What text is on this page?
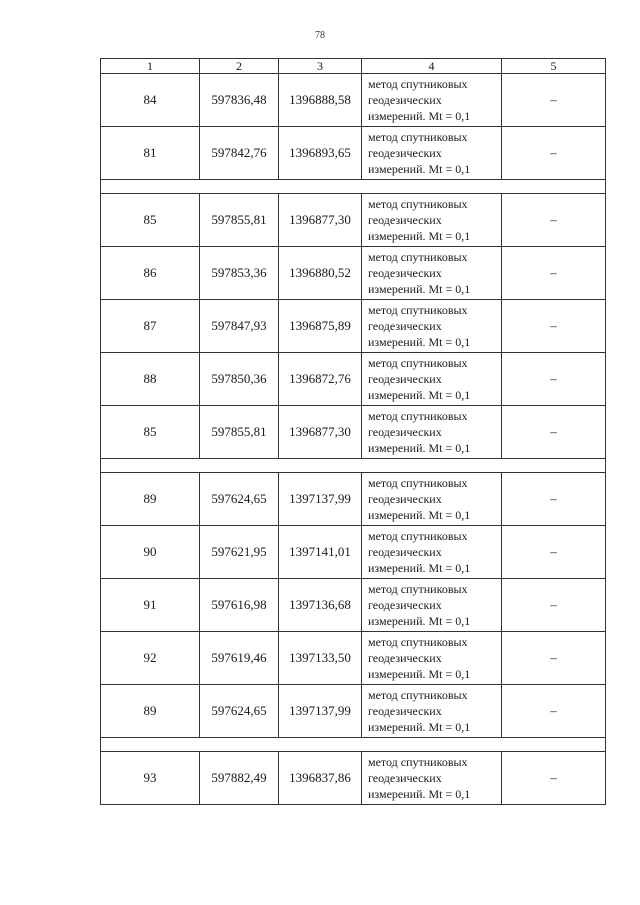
78
1	2	3	4	5
84	597836,48	1396888,58	метод спутниковых геодезических измерений. Mt = 0,1	–
81	597842,76	1396893,65	метод спутниковых геодезических измерений. Mt = 0,1	–

85	597855,81	1396877,30	метод спутниковых геодезических измерений. Mt = 0,1	–
86	597853,36	1396880,52	метод спутниковых геодезических измерений. Mt = 0,1	–
87	597847,93	1396875,89	метод спутниковых геодезических измерений. Mt = 0,1	–
88	597850,36	1396872,76	метод спутниковых геодезических измерений. Mt = 0,1	–
85	597855,81	1396877,30	метод спутниковых геодезических измерений. Mt = 0,1	–

89	597624,65	1397137,99	метод спутниковых геодезических измерений. Mt = 0,1	–
90	597621,95	1397141,01	метод спутниковых геодезических измерений. Mt = 0,1	–
91	597616,98	1397136,68	метод спутниковых геодезических измерений. Mt = 0,1	–
92	597619,46	1397133,50	метод спутниковых геодезических измерений. Mt = 0,1	–
89	597624,65	1397137,99	метод спутниковых геодезических измерений. Mt = 0,1	–

93	597882,49	1396837,86	метод спутниковых геодезических измерений. Mt = 0,1	–
